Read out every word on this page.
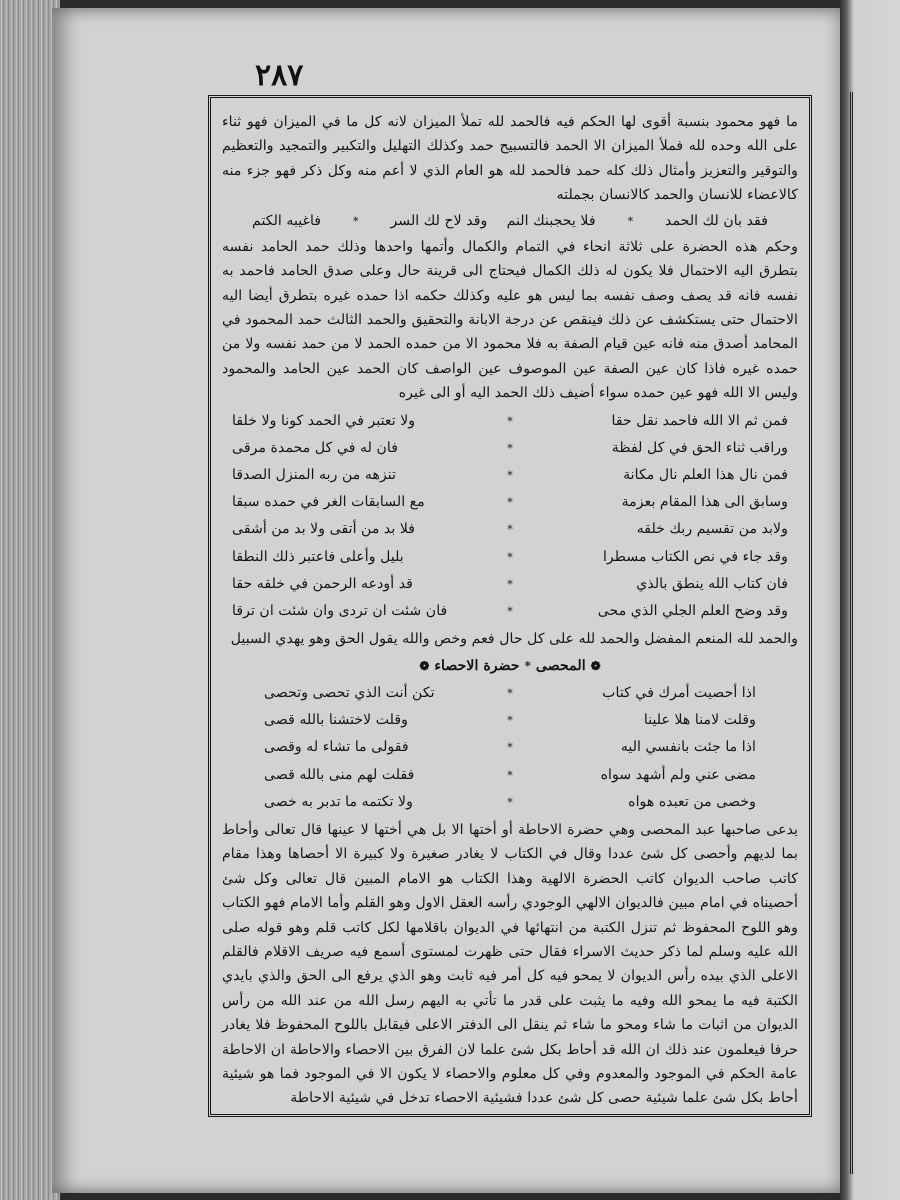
٢٨٧

ما فهو محمود بنسبة أقوى لها الحكم فيه فالحمد لله تملأ الميزان لانه كل ما في الميزان فهو ثناء على الله وحده لله فملأ الميزان الا الحمد فالتسبيح حمد وكذلك التهليل والتكبير والتمجيد والتعظيم والتوقير والتعزيز وأمثال ذلك كله حمد فالحمد لله هو العام الذي لا أعم منه وكل ذكر فهو جزء منه كالاعضاء للانسان والحمد كالانسان بجملته

فقد بان لك الحمد
*
فلا يحجبنك النم
وقد لاح لك السر
*
فاغيبه الكتم

وحكم هذه الحضرة على ثلاثة انحاء في التمام والكمال وأتمها واحدها وذلك حمد الحامد نفسه بتطرق اليه الاحتمال فلا يكون له ذلك الكمال فيحتاج الى قرينة حال وعلى صدق الحامد فاحمد به نفسه فانه قد يصف وصف نفسه بما ليس هو عليه وكذلك حكمه اذا حمده غيره بتطرق أيضا اليه الاحتمال حتى يستكشف عن ذلك فينقص عن درجة الابانة والتحقيق والحمد الثالث حمد المحمود في المحامد أصدق منه فانه عين قيام الصفة به فلا محمود الا من حمده الحمد لا من حمد نفسه ولا من حمده غيره فاذا كان عين الصفة عين الموصوف عين الواصف كان الحمد عين الحامد والمحمود وليس الا الله فهو عين حمده سواء أضيف ذلك الحمد اليه أو الى غيره

فمن ثم الا الله فاحمد نقل حقا
*
ولا تعتبر في الحمد كونا ولا خلقا
وراقب ثناء الحق في كل لفظة
*
فان له في كل محمدة مرقى
فمن نال هذا العلم نال مكانة
*
تنزهه من ربه المنزل الصدقا
وسابق الى هذا المقام بعزمة
*
مع السابقات الغر في حمده سبقا
ولابد من تقسيم ربك خلقه
*
فلا بد من أتقى ولا بد من أشقى
وقد جاء في نص الكتاب مسطرا
*
بليل وأعلى فاعتبر ذلك النطقا
فان كتاب الله ينطق بالذي
*
قد أودعه الرحمن في خلقه حقا
وقد وضح العلم الجلي الذي محى
*
فان شئت ان تردى وان شئت ان ترقا

والحمد لله المنعم المفضل والحمد لله على كل حال فعم وخص والله يقول الحق وهو يهدي السبيل

❁ المحصى * حضرة الاحصاء ❁
اذا أحصيت أمرك في كتاب
*
تكن أنت الذي تحصى وتحصى
وقلت لامنا هلا علينا
*
وقلت لاختشنا بالله قصى
اذا ما جئت بانفسي اليه
*
فقولى ما تشاء له وقصى
مضى عني ولم أشهد سواه
*
فقلت لهم منى بالله قصى
وخصى من تعبده هواه
*
ولا تكتمه ما تدبر به خصى

يدعى صاحبها عبد المحصى وهي حضرة الاحاطة أو أختها الا بل هي أختها لا عينها قال تعالى وأحاط بما لديهم وأحصى كل شئ عددا وقال في الكتاب لا يغادر صغيرة ولا كبيرة الا أحصاها وهذا مقام كاتب صاحب الديوان كاتب الحضرة الالهية وهذا الكتاب هو الامام المبين قال تعالى وكل شئ أحصيناه في امام مبين فالديوان الالهي الوجودي رأسه العقل الاول وهو القلم وأما الامام فهو الكتاب وهو اللوح المحفوظ ثم تنزل الكتبة من انتهائها في الديوان باقلامها لكل كاتب قلم وهو قوله صلى الله عليه وسلم لما ذكر حديث الاسراء فقال حتى ظهرت لمستوى أسمع فيه صريف الاقلام فالقلم الاعلى الذي بيده رأس الديوان لا يمحو فيه كل أمر فيه ثابت وهو الذي يرفع الى الحق والذي بايدي الكتبة فيه ما يمحو الله وفيه ما يثبت على قدر ما تأتي به اليهم رسل الله من عند الله من رأس الديوان من اثبات ما شاء ومحو ما شاء ثم ينقل الى الدفتر الاعلى فيقابل باللوح المحفوظ فلا يغادر حرفا فيعلمون عند ذلك ان الله قد أحاط بكل شئ علما لان الفرق بين الاحصاء والاحاطة ان الاحاطة عامة الحكم في الموجود والمعدوم وفي كل معلوم والاحصاء لا يكون الا في الموجود فما هو شيئية أحاط بكل شئ علما شيئية حصى كل شئ عددا فشيئية الاحصاء تدخل في شيئية الاحاطة
